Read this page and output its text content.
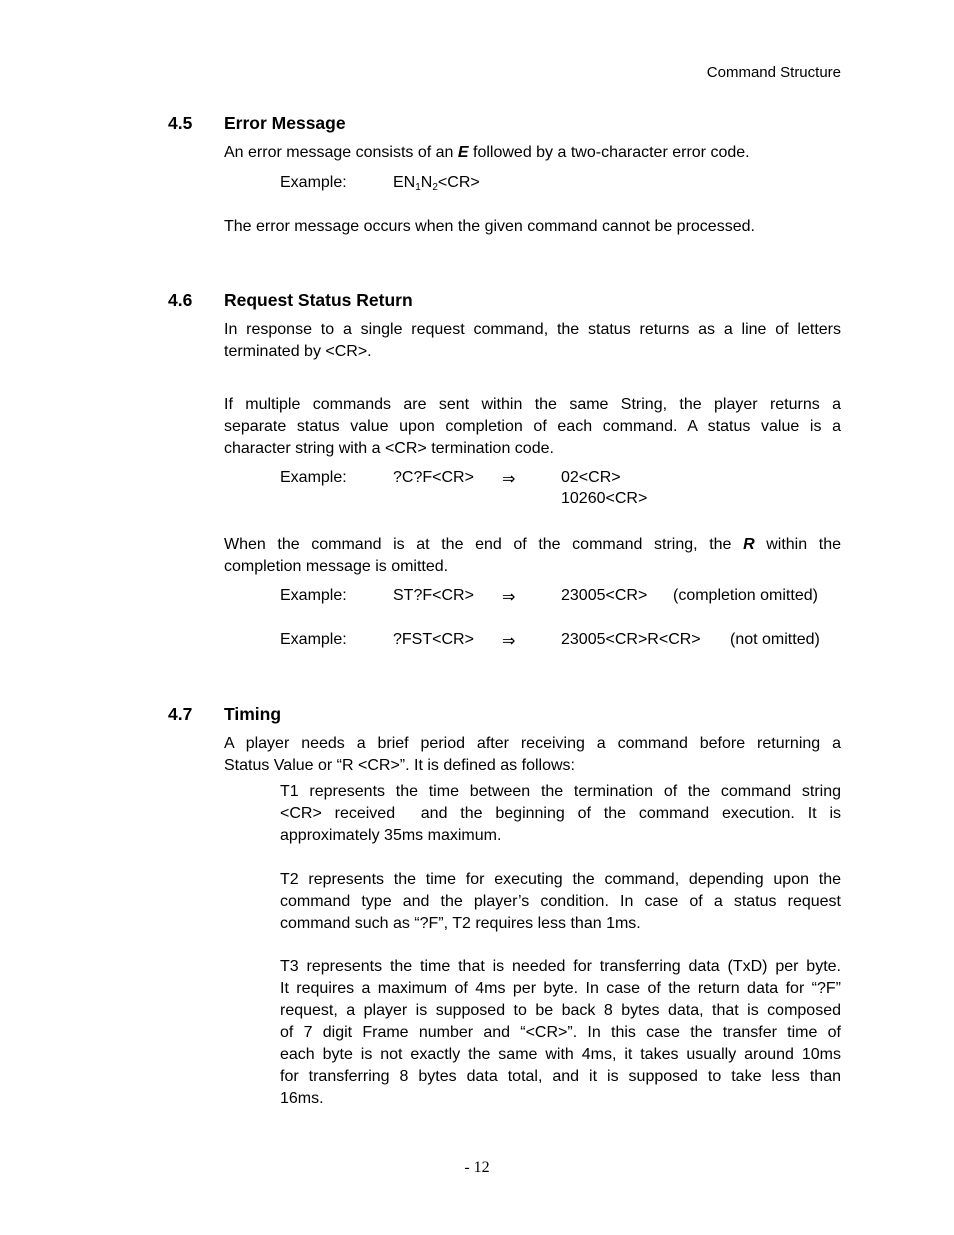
Command Structure
4.5 Error Message
An error message consists of an E followed by a two-character error code.
Example:	$EN_1N_2<CR>$
The error message occurs when the given command cannot be processed.
4.6 Request Status Return
In response to a single request command, the status returns as a line of letters
terminated by <CR>.
If multiple commands are sent within the same String, the player returns a
separate status value upon completion of each command. A status value is a
character string with a <CR> termination code.
Example:	?C?F<CR> ⇒	02<CR>
10260<CR>
When the command is at the end of the command string, the R within the
completion message is omitted.
Example:	ST?F<CR> ⇒	23005<CR> (completion omitted)
Example:	?FST<CR> ⇒	23005<CR>R<CR> (not omitted)
4.7 Timing
A player needs a brief period after receiving a command before returning a
Status Value or “R <CR>”. It is defined as follows:
T1 represents the time between the termination of the command string
<CR> received  and the beginning of the command execution. It is
approximately 35ms maximum.
T2 represents the time for executing the command, depending upon the
command type and the player’s condition. In case of a status request
command such as “?F”, T2 requires less than 1ms.
T3 represents the time that is needed for transferring data (TxD) per byte.
It requires a maximum of 4ms per byte. In case of the return data for “?F”
request, a player is supposed to be back 8 bytes data, that is composed
of 7 digit Frame number and “<CR>”. In this case the transfer time of
each byte is not exactly the same with 4ms, it takes usually around 10ms
for transferring 8 bytes data total, and it is supposed to take less than
16ms.
- 12
